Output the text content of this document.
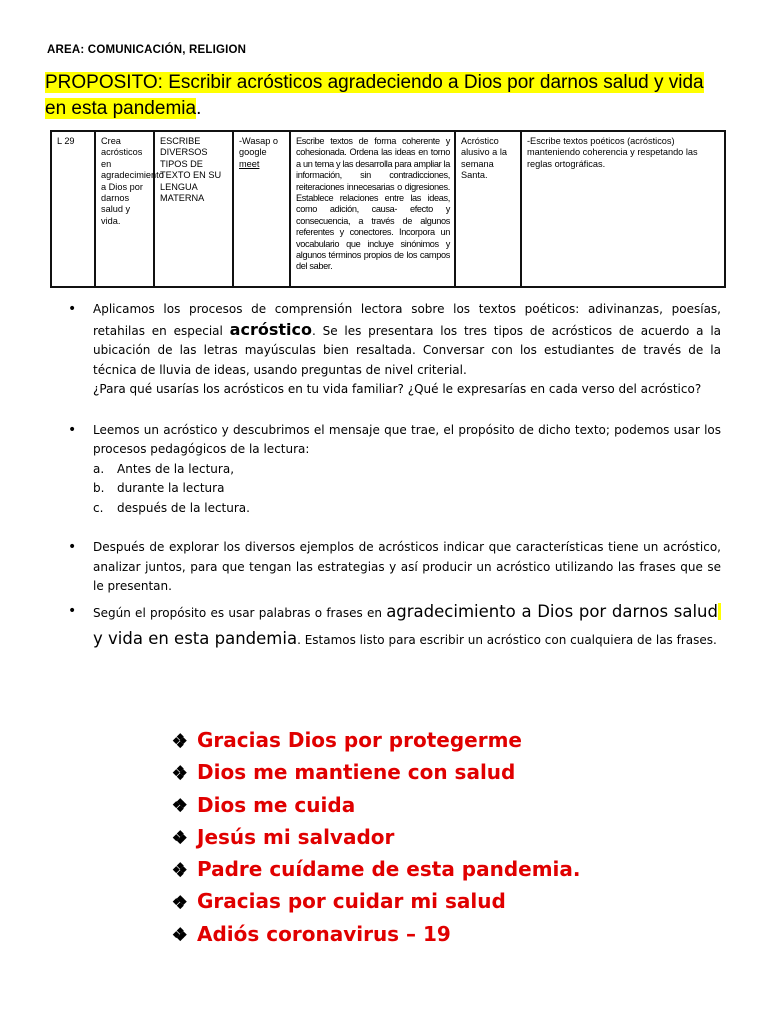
AREA: COMUNICACIÓN, RELIGION
PROPOSITO: Escribir acrósticos agradeciendo a Dios por darnos salud y vida en esta pandemia.
L 29	Crea acrósticos en agradecimiento a Dios por darnos salud y vida.	ESCRIBE DIVERSOS TIPOS DE TEXTO EN SU LENGUA MATERNA	-Wasap o google meet	Escribe textos de forma coherente y cohesionada. Ordena las ideas en torno a un tema y las desarrolla para ampliar la información, sin contradicciones, reiteraciones innecesarias o digresiones. Establece relaciones entre las ideas, como adición, causa- efecto y consecuencia, a través de algunos referentes y conectores. Incorpora un vocabulario que incluye sinónimos y algunos términos propios de los campos del saber.	Acróstico alusivo a la semana Santa.	-Escribe textos poéticos (acrósticos) manteniendo coherencia y respetando las reglas ortográficas.
• Aplicamos los procesos de comprensión lectora sobre los textos poéticos: adivinanzas, poesías, retahilas en especial acróstico. Se les presentara los tres tipos de acrósticos de acuerdo a la ubicación de las letras mayúsculas bien resaltada. Conversar con los estudiantes de través de la técnica de lluvia de ideas, usando preguntas de nivel criterial.
¿Para qué usarías los acrósticos en tu vida familiar? ¿Qué le expresarías en cada verso del acróstico?
• Leemos un acróstico y descubrimos el mensaje que trae, el propósito de dicho texto; podemos usar los procesos pedagógicos de la lectura:
a.	Antes de la lectura,
b.	durante la lectura
c.	después de la lectura.
• Después de explorar los diversos ejemplos de acrósticos indicar que características tiene un acróstico, analizar juntos, para que tengan las estrategias y así producir un acróstico utilizando las frases que se le presentan.
• Según el propósito es usar palabras o frases en agradecimiento a Dios por darnos saludy vida en esta pandemia. Estamos listo para escribir un acróstico con cualquiera de las frases.
Gracias Dios por protegerme
Dios me mantiene con salud
Dios me cuida
Jesús mi salvador
Padre cuídame de esta pandemia.
Gracias por cuidar mi salud
Adiós coronavirus – 19
